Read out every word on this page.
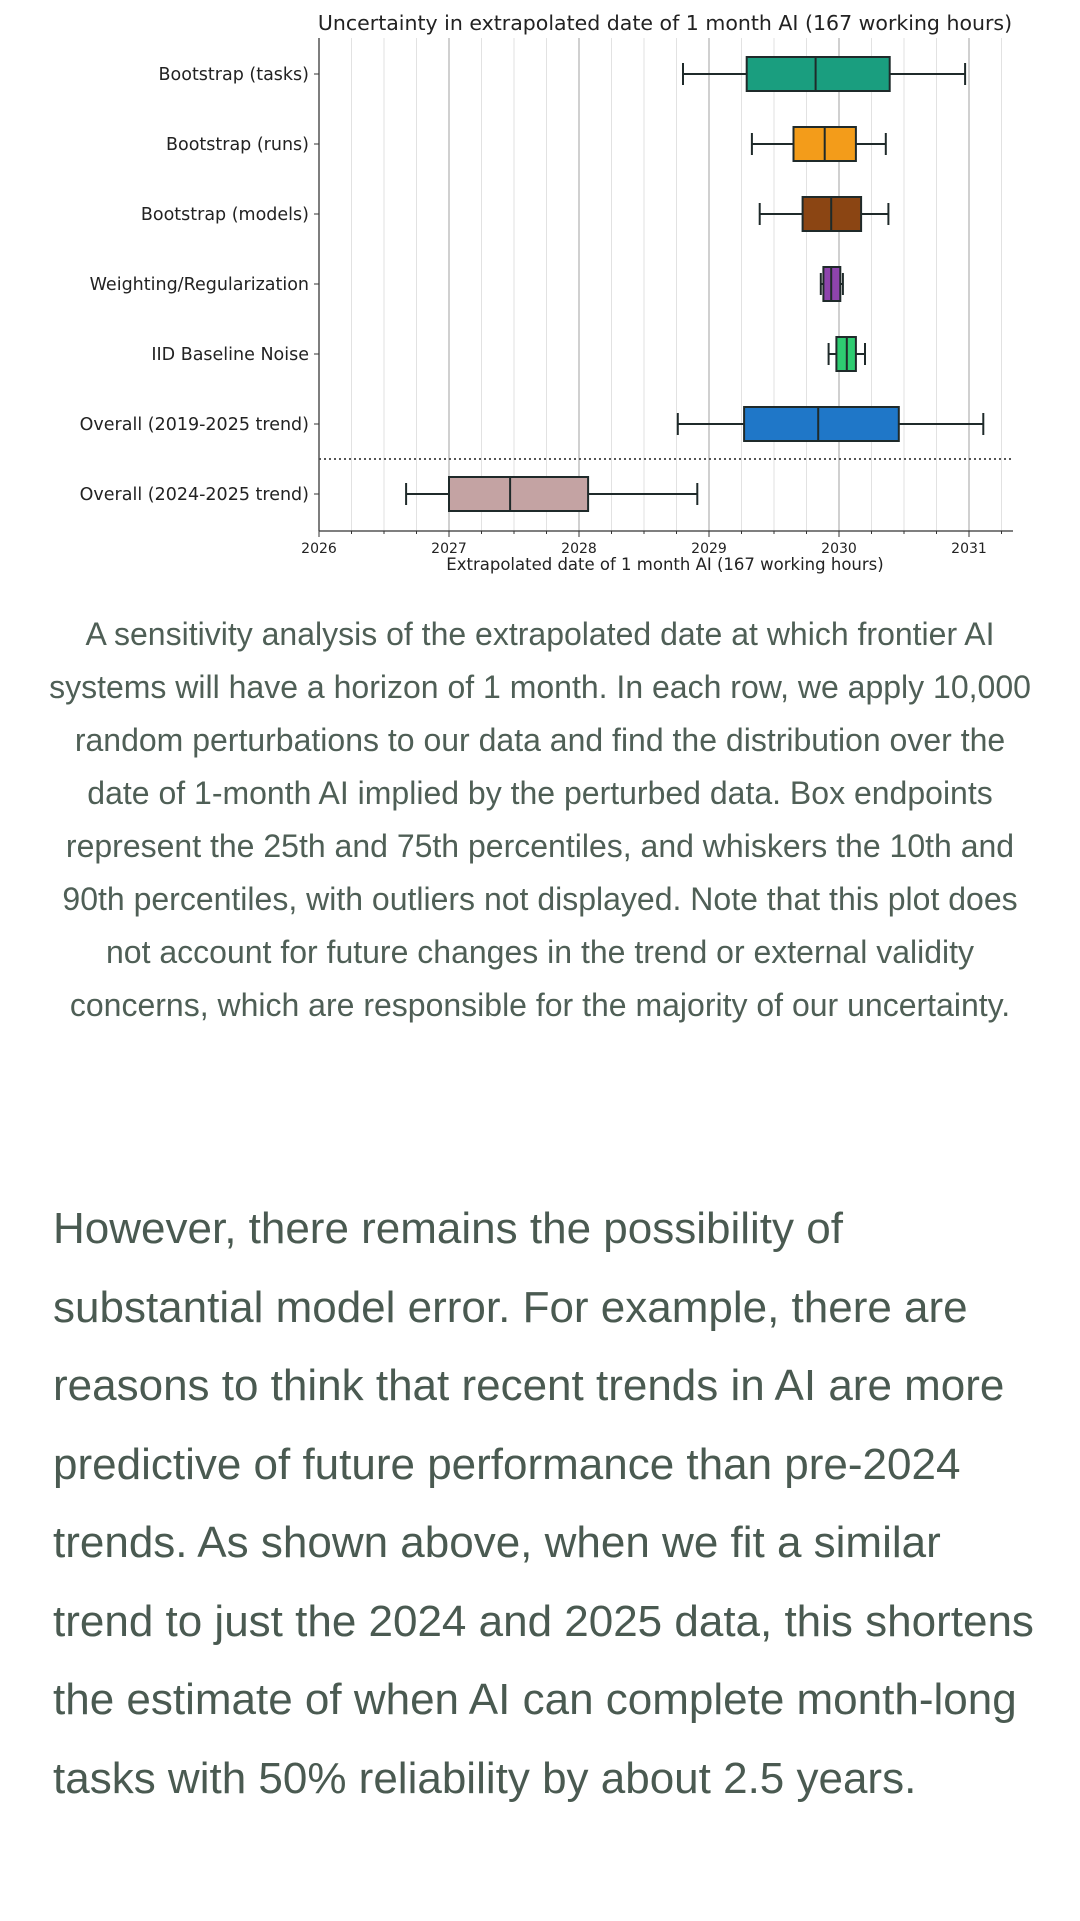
Uncertainty in extrapolated date of 1 month AI (167 working hours)
Bootstrap (tasks)
Bootstrap (runs)
Bootstrap (models)
Weighting/Regularization
IID Baseline Noise
Overall (2019-2025 trend)
Overall (2024-2025 trend)
2026	2027	2028	2029	2030	2031
Extrapolated date of 1 month AI (167 working hours)

A sensitivity analysis of the extrapolated date at which frontier AI systems will have a horizon of 1 month. In each row, we apply 10,000 random perturbations to our data and find the distribution over the date of 1-month AI implied by the perturbed data. Box endpoints represent the 25th and 75th percentiles, and whiskers the 10th and 90th percentiles, with outliers not displayed. Note that this plot does not account for future changes in the trend or external validity concerns, which are responsible for the majority of our uncertainty.

However, there remains the possibility of substantial model error. For example, there are reasons to think that recent trends in AI are more predictive of future performance than pre-2024 trends. As shown above, when we fit a similar trend to just the 2024 and 2025 data, this shortens the estimate of when AI can complete month-long tasks with 50% reliability by about 2.5 years.
